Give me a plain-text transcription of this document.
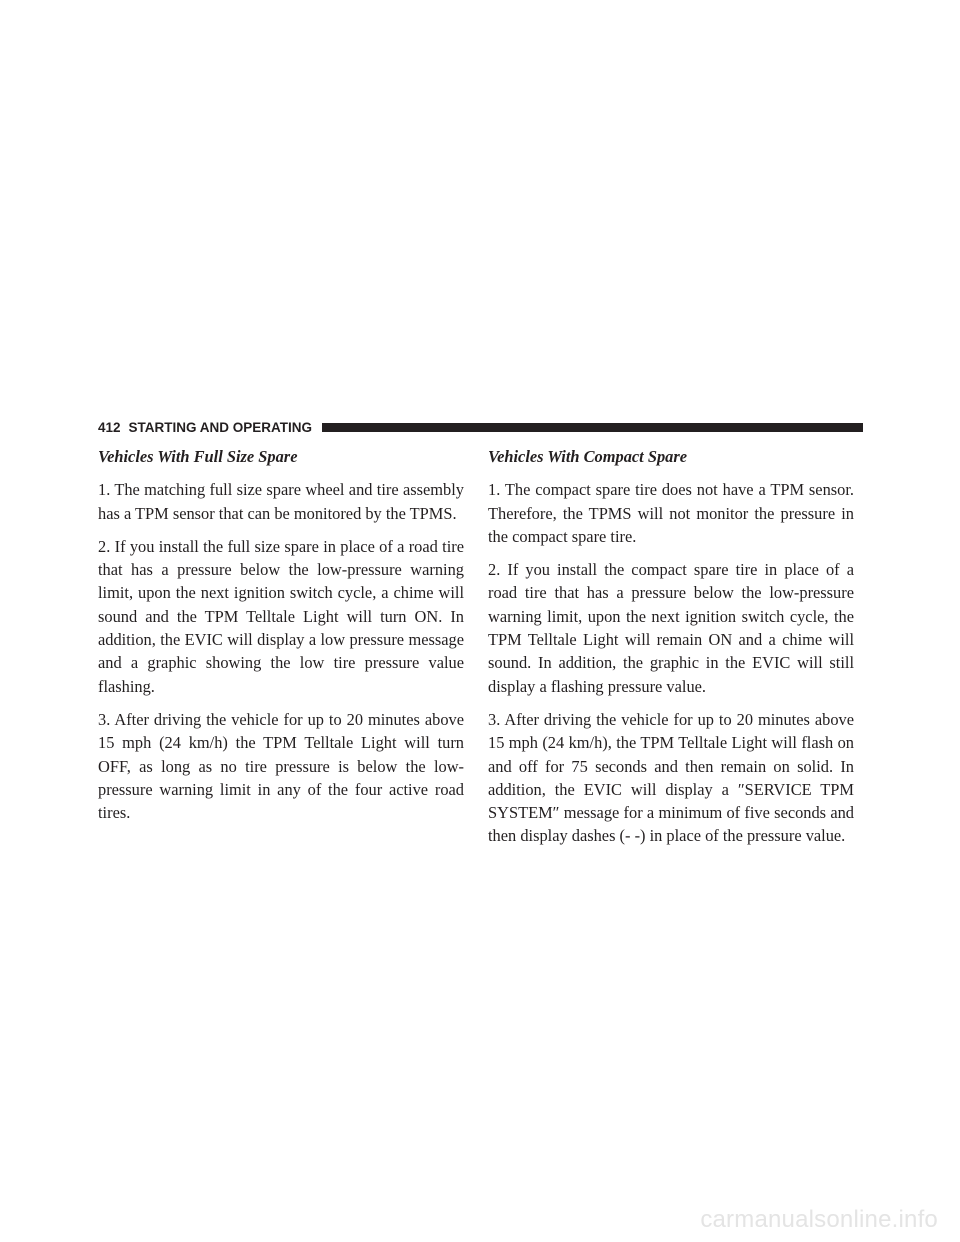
412 STARTING AND OPERATING
Vehicles With Full Size Spare

1. The matching full size spare wheel and tire assembly has a TPM sensor that can be monitored by the TPMS.

2. If you install the full size spare in place of a road tire that has a pressure below the low-pressure warning limit, upon the next ignition switch cycle, a chime will sound and the TPM Telltale Light will turn ON. In addition, the EVIC will display a low pressure message and a graphic showing the low tire pressure value flashing.

3. After driving the vehicle for up to 20 minutes above 15 mph (24 km/h) the TPM Telltale Light will turn OFF, as long as no tire pressure is below the low-pressure warning limit in any of the four active road tires.

Vehicles With Compact Spare

1. The compact spare tire does not have a TPM sensor. Therefore, the TPMS will not monitor the pressure in the compact spare tire.

2. If you install the compact spare tire in place of a road tire that has a pressure below the low-pressure warning limit, upon the next ignition switch cycle, the TPM Telltale Light will remain ON and a chime will sound. In addition, the graphic in the EVIC will still display a flashing pressure value.

3. After driving the vehicle for up to 20 minutes above 15 mph (24 km/h), the TPM Telltale Light will flash on and off for 75 seconds and then remain on solid. In addition, the EVIC will display a ″SERVICE TPM SYSTEM″ message for a minimum of five seconds and then display dashes (- -) in place of the pressure value.

carmanualsonline.info
